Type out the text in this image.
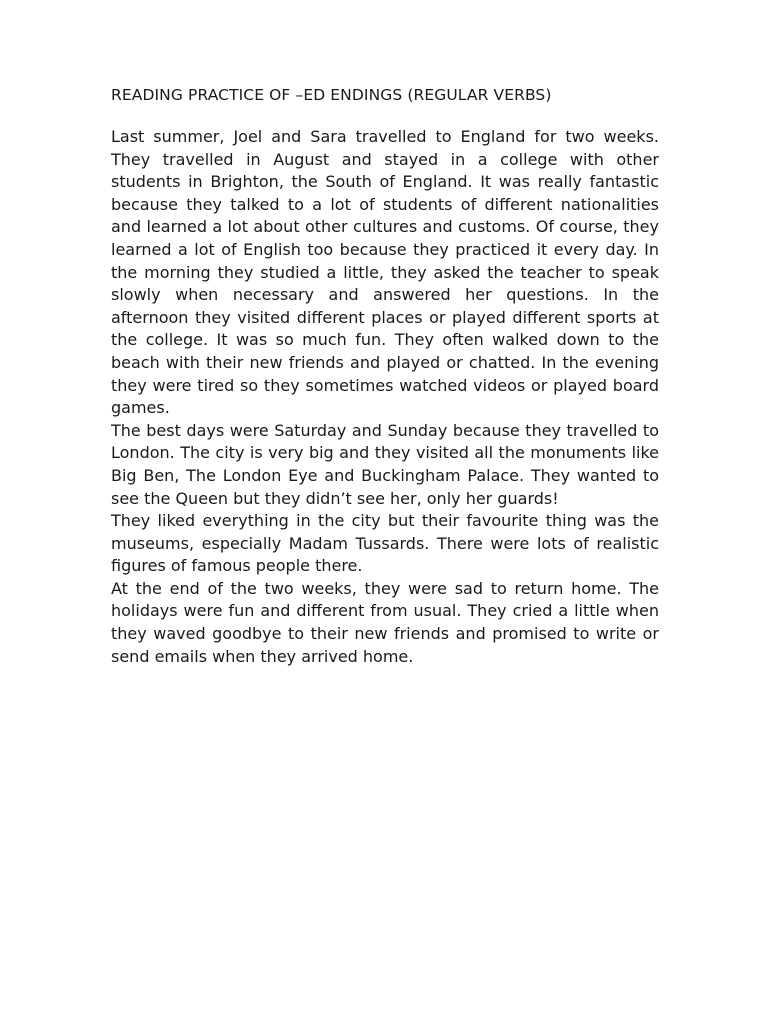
READING PRACTICE OF –ED ENDINGS (REGULAR VERBS)

Last summer, Joel and Sara travelled to England for two weeks. They travelled in August and stayed in a college with other students in Brighton, the South of England. It was really fantastic because they talked to a lot of students of different nationalities and learned a lot about other cultures and customs. Of course, they learned a lot of English too because they practiced it every day. In the morning they studied a little, they asked the teacher to speak slowly when necessary and answered her questions. In the afternoon they visited different places or played different sports at the college. It was so much fun. They often walked down to the beach with their new friends and played or chatted. In the evening they were tired so they sometimes watched videos or played board games.

The best days were Saturday and Sunday because they travelled to London. The city is very big and they visited all the monuments like Big Ben, The London Eye and Buckingham Palace. They wanted to see the Queen but they didn’t see her, only her guards!

They liked everything in the city but their favourite thing was the museums, especially Madam Tussards. There were lots of realistic figures of famous people there.

At the end of the two weeks, they were sad to return home. The holidays were fun and different from usual. They cried a little when they waved goodbye to their new friends and promised to write or send emails when they arrived home.
